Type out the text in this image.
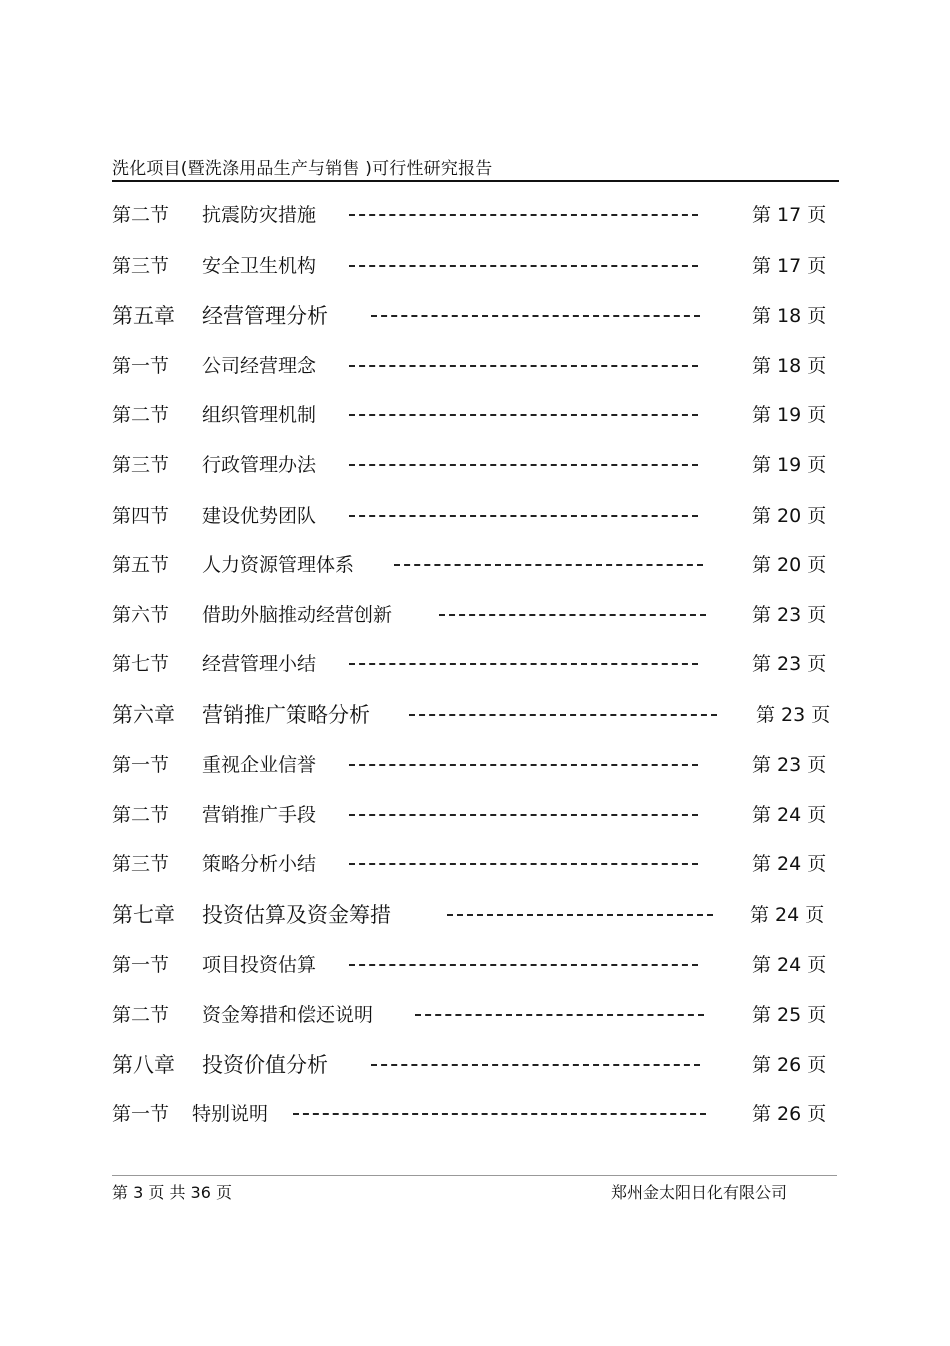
洗化项目(暨洗涤用品生产与销售 )可行性研究报告
第二节 抗震防灾措施	第 17 页
第三节 安全卫生机构	第 17 页
第五章 经营管理分析	第 18 页
第一节 公司经营理念	第 18 页
第二节 组织管理机制	第 19 页
第三节 行政管理办法	第 19 页
第四节 建设优势团队	第 20 页
第五节 人力资源管理体系	第 20 页
第六节 借助外脑推动经营创新	第 23 页
第七节 经营管理小结	第 23 页
第六章 营销推广策略分析	第 23 页
第一节 重视企业信誉	第 23 页
第二节 营销推广手段	第 24 页
第三节 策略分析小结	第 24 页
第七章 投资估算及资金筹措	第 24 页
第一节 项目投资估算	第 24 页
第二节 资金筹措和偿还说明	第 25 页
第八章 投资价值分析	第 26 页
第一节 特别说明	第 26 页
第 3 页 共 36 页	郑州金太阳日化有限公司
